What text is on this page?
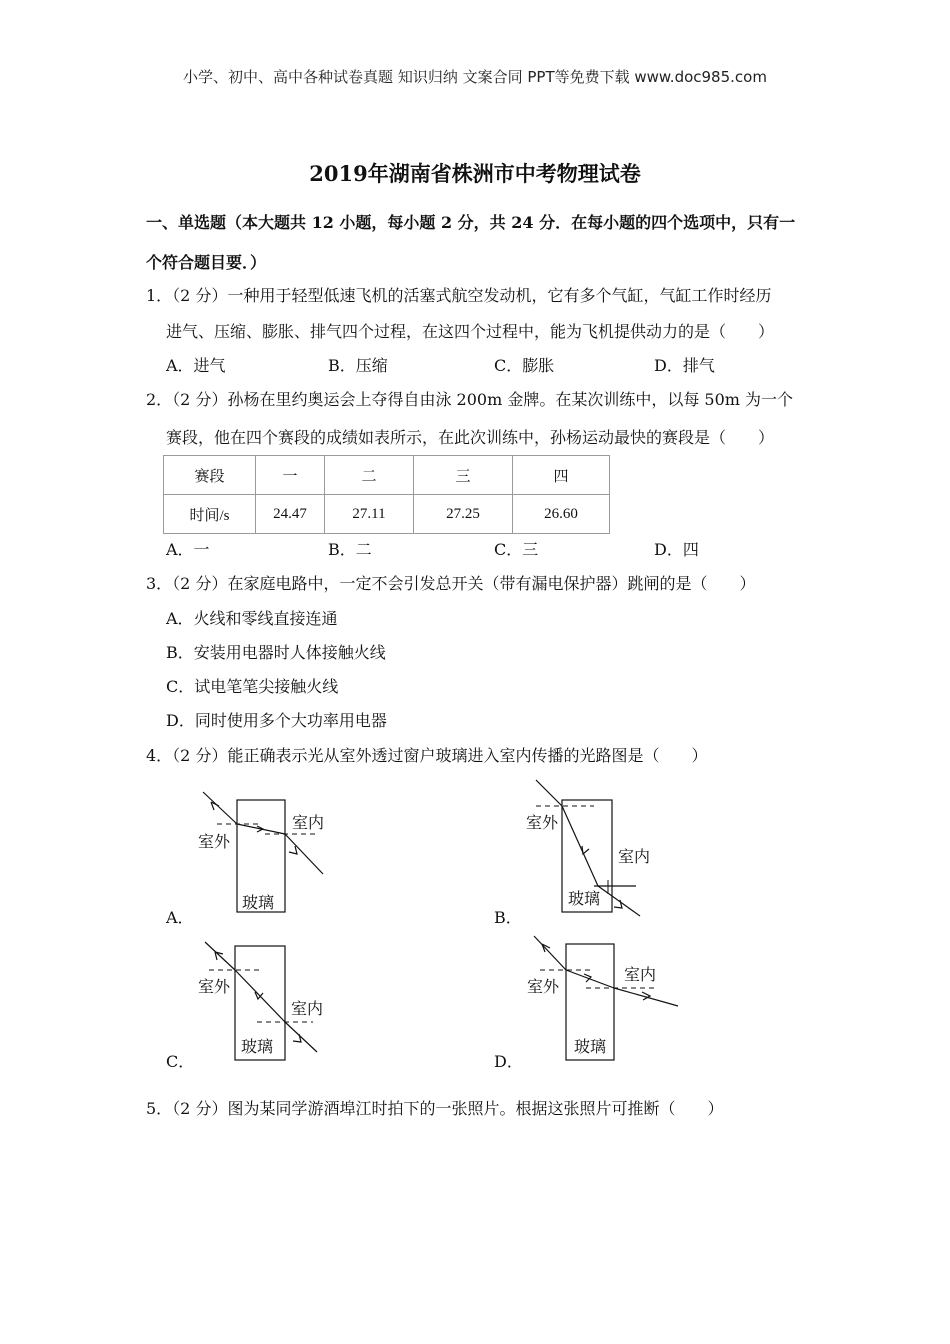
小学、初中、高中各种试卷真题 知识归纳 文案合同 PPT等免费下载 www.doc985.com
2019年湖南省株洲市中考物理试卷
一、单选题（本大题共 12 小题，每小题 2 分，共 24 分．在每小题的四个选项中，只有一
个符合题目要．）
1．（2 分）一种用于轻型低速飞机的活塞式航空发动机，它有多个气缸，气缸工作时经历
进气、压缩、膨胀、排气四个过程，在这四个过程中，能为飞机提供动力的是（　　）
A．进气	B．压缩	C．膨胀	D．排气
2．（2 分）孙杨在里约奥运会上夺得自由泳 200m 金牌。在某次训练中，以每 50m 为一个
赛段，他在四个赛段的成绩如表所示，在此次训练中，孙杨运动最快的赛段是（　　）
赛段	一	二	三	四
时间/s	24.47	27.11	27.25	26.60
A．一	B．二	C．三	D．四
3．（2 分）在家庭电路中，一定不会引发总开关（带有漏电保护器）跳闸的是（　　）
A．火线和零线直接连通
B．安装用电器时人体接触火线
C．试电笔笔尖接触火线
D．同时使用多个大功率用电器
4．（2 分）能正确表示光从室外透过窗户玻璃进入室内传播的光路图是（　　）
室外
室内
玻璃
A．
室外
室内
玻璃
B．
室外
室内
玻璃
C．
室外
室内
玻璃
D．
5．（2 分）图为某同学游酒埠江时拍下的一张照片。根据这张照片可推断（　　）
